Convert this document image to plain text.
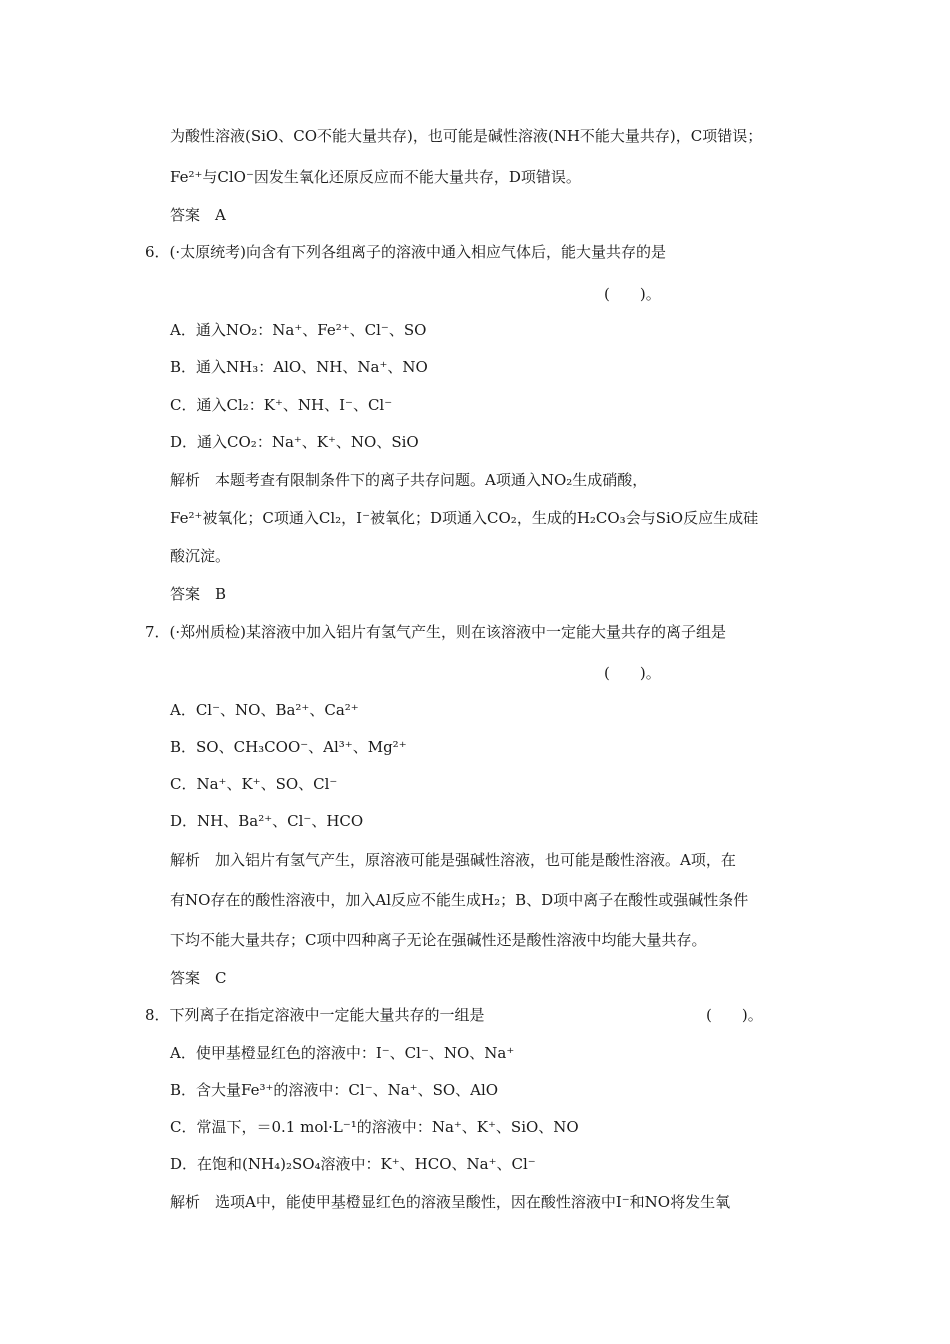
为酸性溶液(SiO、CO不能大量共存)，也可能是碱性溶液(NH不能大量共存)，C项错误；
Fe²⁺与ClO⁻因发生氧化还原反应而不能大量共存，D项错误。
答案　A
6．(·太原统考)向含有下列各组离子的溶液中通入相应气体后，能大量共存的是
(　　)。
A．通入NO₂：Na⁺、Fe²⁺、Cl⁻、SO
B．通入NH₃：AlO、NH、Na⁺、NO
C．通入Cl₂：K⁺、NH、I⁻、Cl⁻
D．通入CO₂：Na⁺、K⁺、NO、SiO
解析　本题考查有限制条件下的离子共存问题。A项通入NO₂生成硝酸，
Fe²⁺被氧化；C项通入Cl₂，I⁻被氧化；D项通入CO₂，生成的H₂CO₃会与SiO反应生成硅
酸沉淀。
答案　B
7．(·郑州质检)某溶液中加入铝片有氢气产生，则在该溶液中一定能大量共存的离子组是
(　　)。
A．Cl⁻、NO、Ba²⁺、Ca²⁺
B．SO、CH₃COO⁻、Al³⁺、Mg²⁺
C．Na⁺、K⁺、SO、Cl⁻
D．NH、Ba²⁺、Cl⁻、HCO
解析　加入铝片有氢气产生，原溶液可能是强碱性溶液，也可能是酸性溶液。A项，在
有NO存在的酸性溶液中，加入Al反应不能生成H₂；B、D项中离子在酸性或强碱性条件
下均不能大量共存；C项中四种离子无论在强碱性还是酸性溶液中均能大量共存。
答案　C
8．下列离子在指定溶液中一定能大量共存的一组是	(　　)。
A．使甲基橙显红色的溶液中：I⁻、Cl⁻、NO、Na⁺
B．含大量Fe³⁺的溶液中：Cl⁻、Na⁺、SO、AlO
C．常温下，＝0.1 mol·L⁻¹的溶液中：Na⁺、K⁺、SiO、NO
D．在饱和(NH₄)₂SO₄溶液中：K⁺、HCO、Na⁺、Cl⁻
解析　选项A中，能使甲基橙显红色的溶液呈酸性，因在酸性溶液中I⁻和NO将发生氧
